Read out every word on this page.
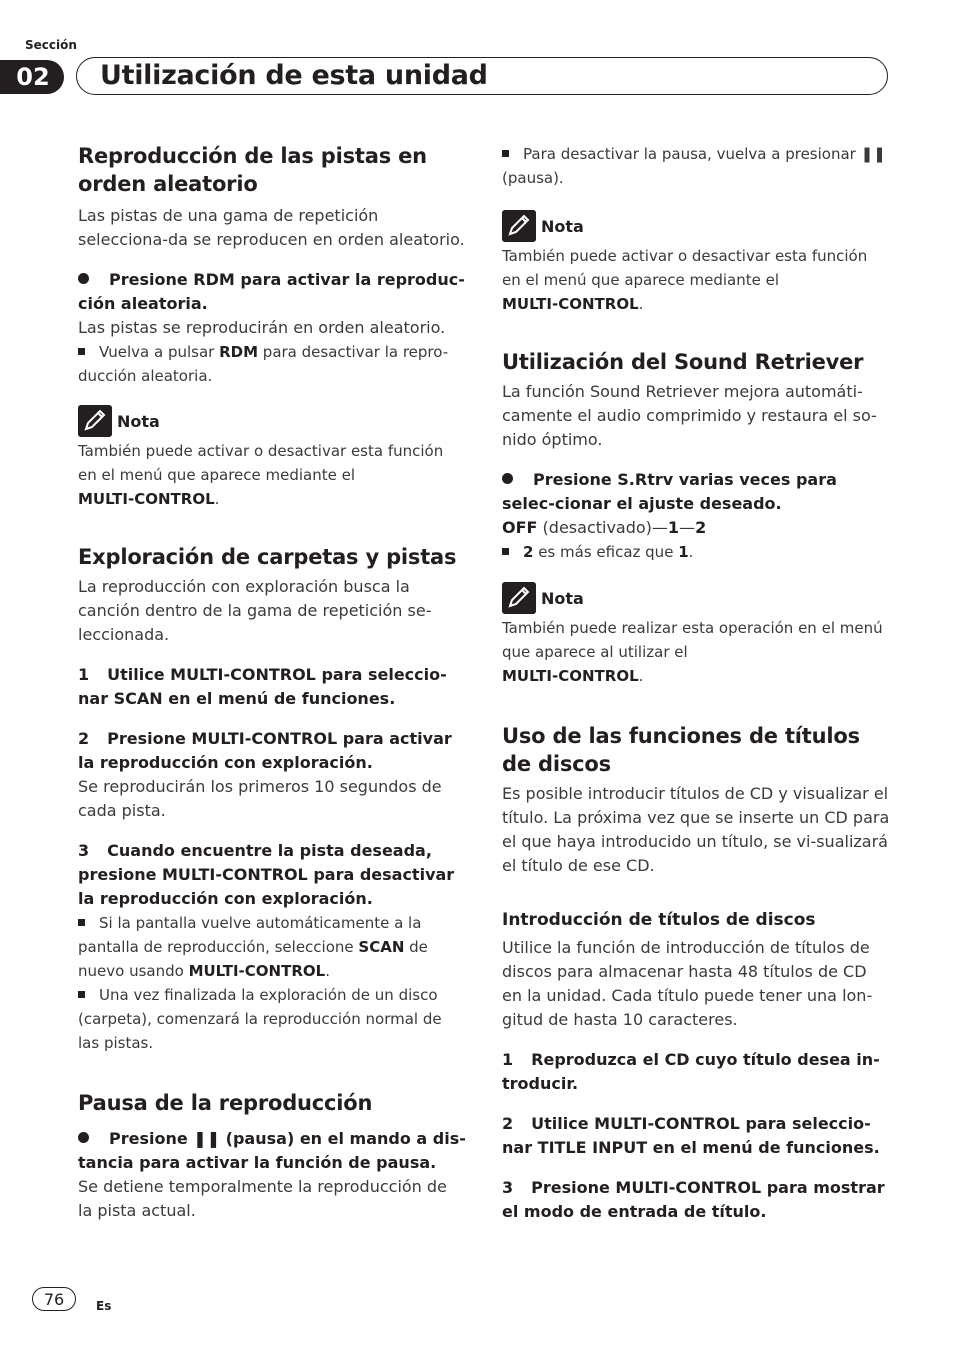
Sección
02	Utilización de esta unidad
Reproducción de las pistas en orden aleatorio

Las pistas de una gama de repetición selecciona-da se reproducen en orden aleatorio.

Presione RDM para activar la reproduc-ción aleatoria.

Las pistas se reproducirán en orden aleatorio.

Vuelva a pulsar RDM para desactivar la repro-ducción aleatoria.

Nota

También puede activar o desactivar esta función en el menú que aparece mediante el
MULTI-CONTROL.

Exploración de carpetas y pistas

La reproducción con exploración busca la canción dentro de la gama de repetición se-leccionada.

1 Utilice MULTI-CONTROL para seleccio-nar SCAN en el menú de funciones.

2 Presione MULTI-CONTROL para activar la reproducción con exploración.

Se reproducirán los primeros 10 segundos de cada pista.

3 Cuando encuentre la pista deseada, presione MULTI-CONTROL para desactivar la reproducción con exploración.

Si la pantalla vuelve automáticamente a la pantalla de reproducción, seleccione SCAN de nuevo usando MULTI-CONTROL.

Una vez finalizada la exploración de un disco (carpeta), comenzará la reproducción normal de las pistas.

Pausa de la reproducción

Presione ❚❚ (pausa) en el mando a dis-tancia para activar la función de pausa.

Se detiene temporalmente la reproducción de la pista actual.

Para desactivar la pausa, vuelva a presionar ❚❚ (pausa).

Nota

También puede activar o desactivar esta función en el menú que aparece mediante el
MULTI-CONTROL.

Utilización del Sound Retriever

La función Sound Retriever mejora automáti-camente el audio comprimido y restaura el so-nido óptimo.

Presione S.Rtrv varias veces para selec-cionar el ajuste deseado.

OFF (desactivado)—1—2

2 es más eficaz que 1.

Nota

También puede realizar esta operación en el menú que aparece al utilizar el
MULTI-CONTROL.

Uso de las funciones de títulos de discos

Es posible introducir títulos de CD y visualizar el título. La próxima vez que se inserte un CD para el que haya introducido un título, se vi-sualizará el título de ese CD.

Introducción de títulos de discos

Utilice la función de introducción de títulos de discos para almacenar hasta 48 títulos de CD en la unidad. Cada título puede tener una lon-gitud de hasta 10 caracteres.

1 Reproduzca el CD cuyo título desea in-troducir.

2 Utilice MULTI-CONTROL para seleccio-nar TITLE INPUT en el menú de funciones.

3 Presione MULTI-CONTROL para mostrar el modo de entrada de título.

76	Es
